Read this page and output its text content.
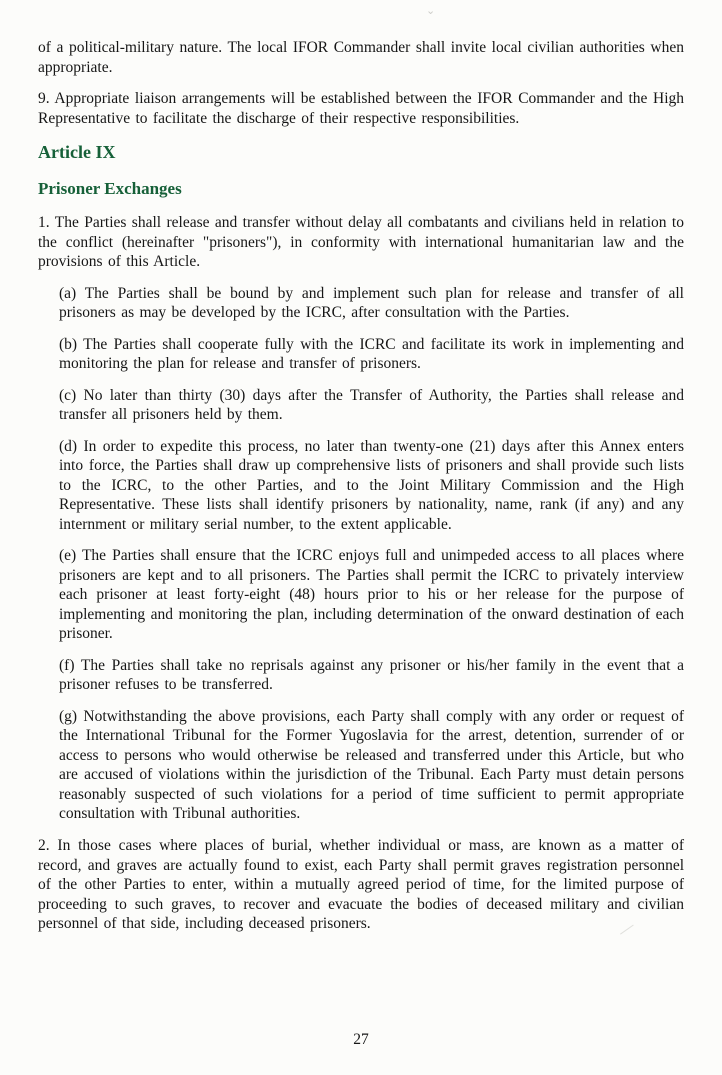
⌄

of a political-military nature. The local IFOR Commander shall invite local civilian authorities when appropriate.

9. Appropriate liaison arrangements will be established between the IFOR Commander and the High Representative to facilitate the discharge of their respective responsibilities.

Article IX
Prisoner Exchanges

1. The Parties shall release and transfer without delay all combatants and civilians held in relation to the conflict (hereinafter "prisoners"), in conformity with international humanitarian law and the provisions of this Article.

(a) The Parties shall be bound by and implement such plan for release and transfer of all prisoners as may be developed by the ICRC, after consultation with the Parties.

(b) The Parties shall cooperate fully with the ICRC and facilitate its work in implementing and monitoring the plan for release and transfer of prisoners.

(c) No later than thirty (30) days after the Transfer of Authority, the Parties shall release and transfer all prisoners held by them.

(d) In order to expedite this process, no later than twenty-one (21) days after this Annex enters into force, the Parties shall draw up comprehensive lists of prisoners and shall provide such lists to the ICRC, to the other Parties, and to the Joint Military Commission and the High Representative. These lists shall identify prisoners by nationality, name, rank (if any) and any internment or military serial number, to the extent applicable.

(e) The Parties shall ensure that the ICRC enjoys full and unimpeded access to all places where prisoners are kept and to all prisoners. The Parties shall permit the ICRC to privately interview each prisoner at least forty-eight (48) hours prior to his or her release for the purpose of implementing and monitoring the plan, including determination of the onward destination of each prisoner.

(f) The Parties shall take no reprisals against any prisoner or his/her family in the event that a prisoner refuses to be transferred.

(g) Notwithstanding the above provisions, each Party shall comply with any order or request of the International Tribunal for the Former Yugoslavia for the arrest, detention, surrender of or access to persons who would otherwise be released and transferred under this Article, but who are accused of violations within the jurisdiction of the Tribunal. Each Party must detain persons reasonably suspected of such violations for a period of time sufficient to permit appropriate consultation with Tribunal authorities.

2. In those cases where places of burial, whether individual or mass, are known as a matter of record, and graves are actually found to exist, each Party shall permit graves registration personnel of the other Parties to enter, within a mutually agreed period of time, for the limited purpose of proceeding to such graves, to recover and evacuate the bodies of deceased military and civilian personnel of that side, including deceased prisoners.

27
